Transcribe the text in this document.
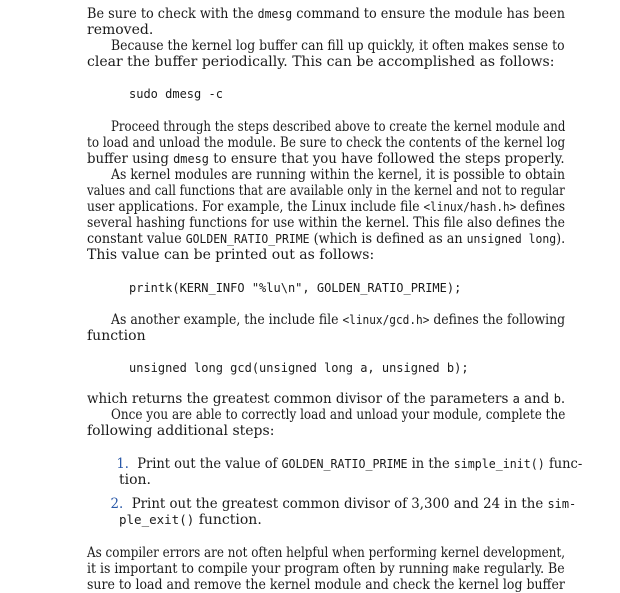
Be sure to check with the dmesg command to ensure the module has been
removed.
Because the kernel log buffer can fill up quickly, it often makes sense to
clear the buffer periodically. This can be accomplished as follows:
sudo dmesg -c
Proceed through the steps described above to create the kernel module and
to load and unload the module. Be sure to check the contents of the kernel log
buffer using dmesg to ensure that you have followed the steps properly.
As kernel modules are running within the kernel, it is possible to obtain
values and call functions that are available only in the kernel and not to regular
user applications. For example, the Linux include file <linux/hash.h> defines
several hashing functions for use within the kernel. This file also defines the
constant value GOLDEN_RATIO_PRIME (which is defined as an unsigned long).
This value can be printed out as follows:
printk(KERN_INFO "%lu\n", GOLDEN_RATIO_PRIME);
As another example, the include file <linux/gcd.h> defines the following
function
unsigned long gcd(unsigned long a, unsigned b);
which returns the greatest common divisor of the parameters a and b.
Once you are able to correctly load and unload your module, complete the
following additional steps:
1. Print out the value of GOLDEN_RATIO_PRIME in the simple_init() func-
tion.
2. Print out the greatest common divisor of 3,300 and 24 in the sim-
ple_exit() function.
As compiler errors are not often helpful when performing kernel development,
it is important to compile your program often by running make regularly. Be
sure to load and remove the kernel module and check the kernel log buffer
